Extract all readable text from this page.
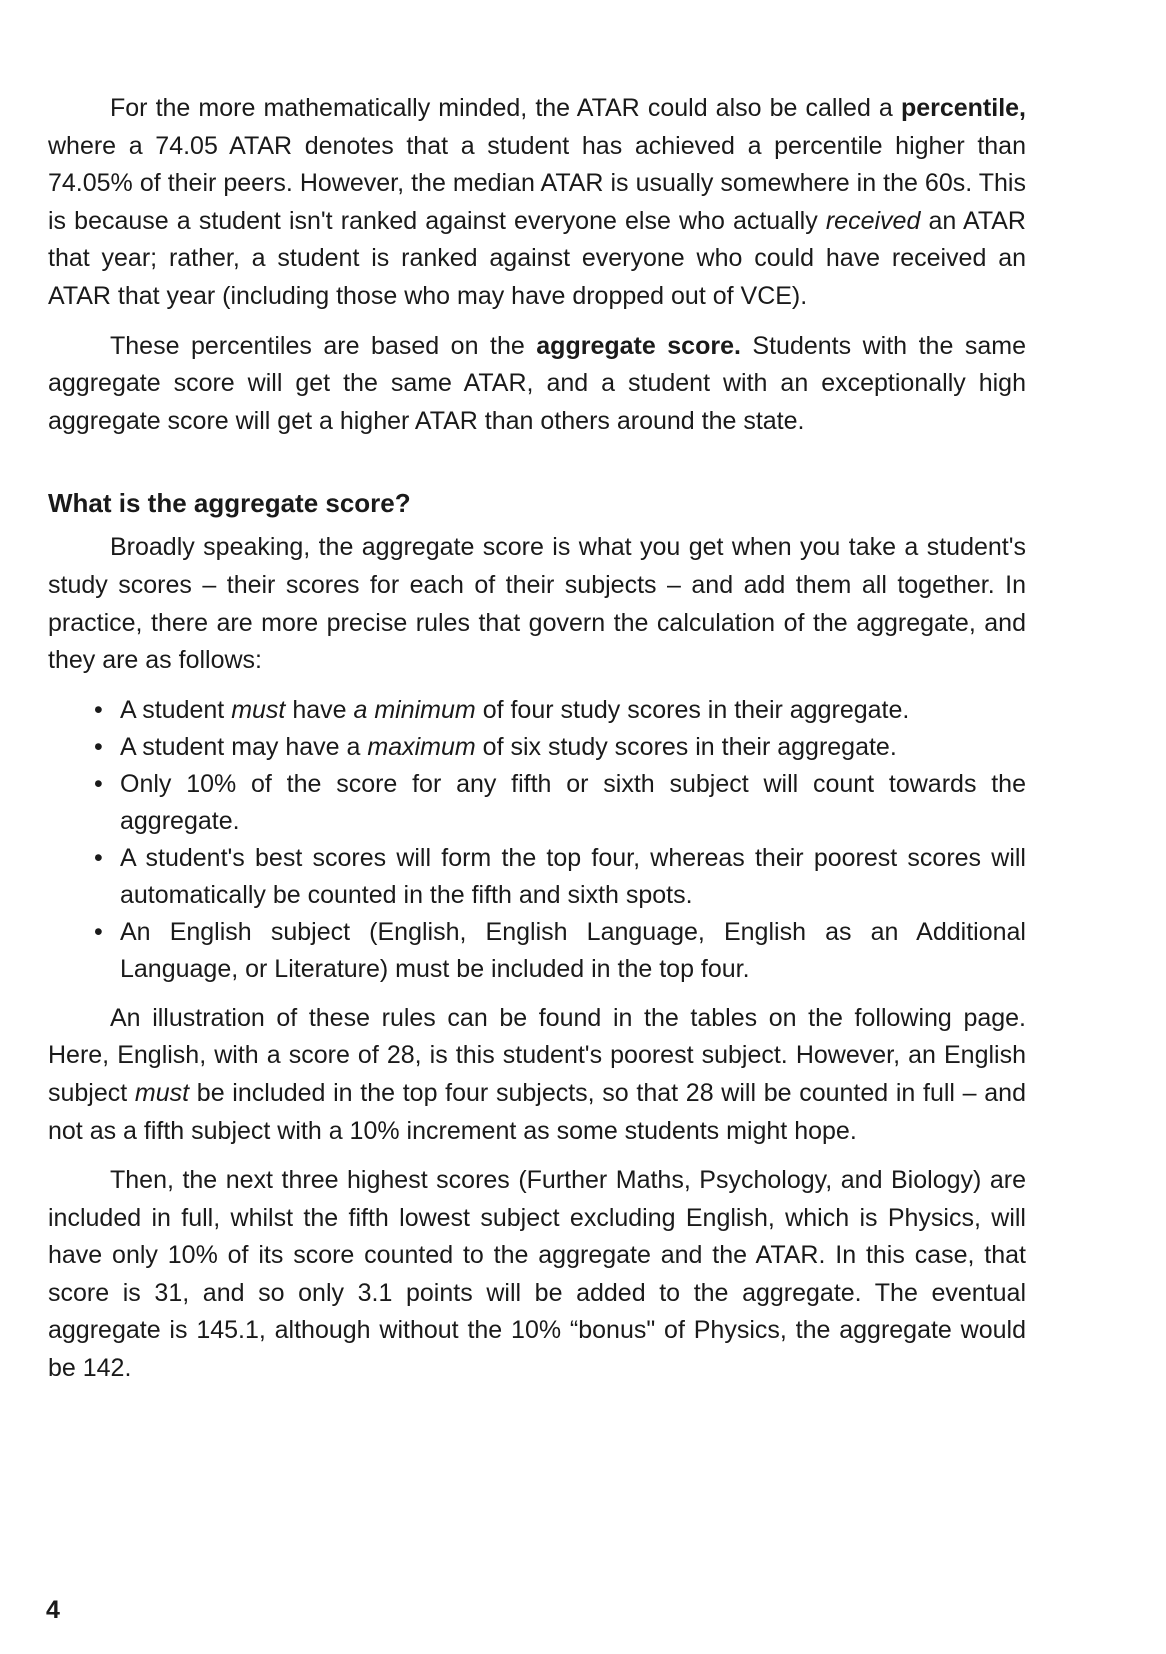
For the more mathematically minded, the ATAR could also be called a percentile, where a 74.05 ATAR denotes that a student has achieved a percentile higher than 74.05% of their peers. However, the median ATAR is usually somewhere in the 60s. This is because a student isn't ranked against everyone else who actually received an ATAR that year; rather, a student is ranked against everyone who could have received an ATAR that year (including those who may have dropped out of VCE).

These percentiles are based on the aggregate score. Students with the same aggregate score will get the same ATAR, and a student with an exceptionally high aggregate score will get a higher ATAR than others around the state.

What is the aggregate score?

Broadly speaking, the aggregate score is what you get when you take a student's study scores – their scores for each of their subjects – and add them all together. In practice, there are more precise rules that govern the calculation of the aggregate, and they are as follows:

• A student must have a minimum of four study scores in their aggregate.
• A student may have a maximum of six study scores in their aggregate.
• Only 10% of the score for any fifth or sixth subject will count towards the aggregate.
• A student's best scores will form the top four, whereas their poorest scores will automatically be counted in the fifth and sixth spots.
• An English subject (English, English Language, English as an Additional Language, or Literature) must be included in the top four.

An illustration of these rules can be found in the tables on the following page. Here, English, with a score of 28, is this student's poorest subject. However, an English subject must be included in the top four subjects, so that 28 will be counted in full – and not as a fifth subject with a 10% increment as some students might hope.

Then, the next three highest scores (Further Maths, Psychology, and Biology) are included in full, whilst the fifth lowest subject excluding English, which is Physics, will have only 10% of its score counted to the aggregate and the ATAR. In this case, that score is 31, and so only 3.1 points will be added to the aggregate. The eventual aggregate is 145.1, although without the 10% “bonus" of Physics, the aggregate would be 142.

4
